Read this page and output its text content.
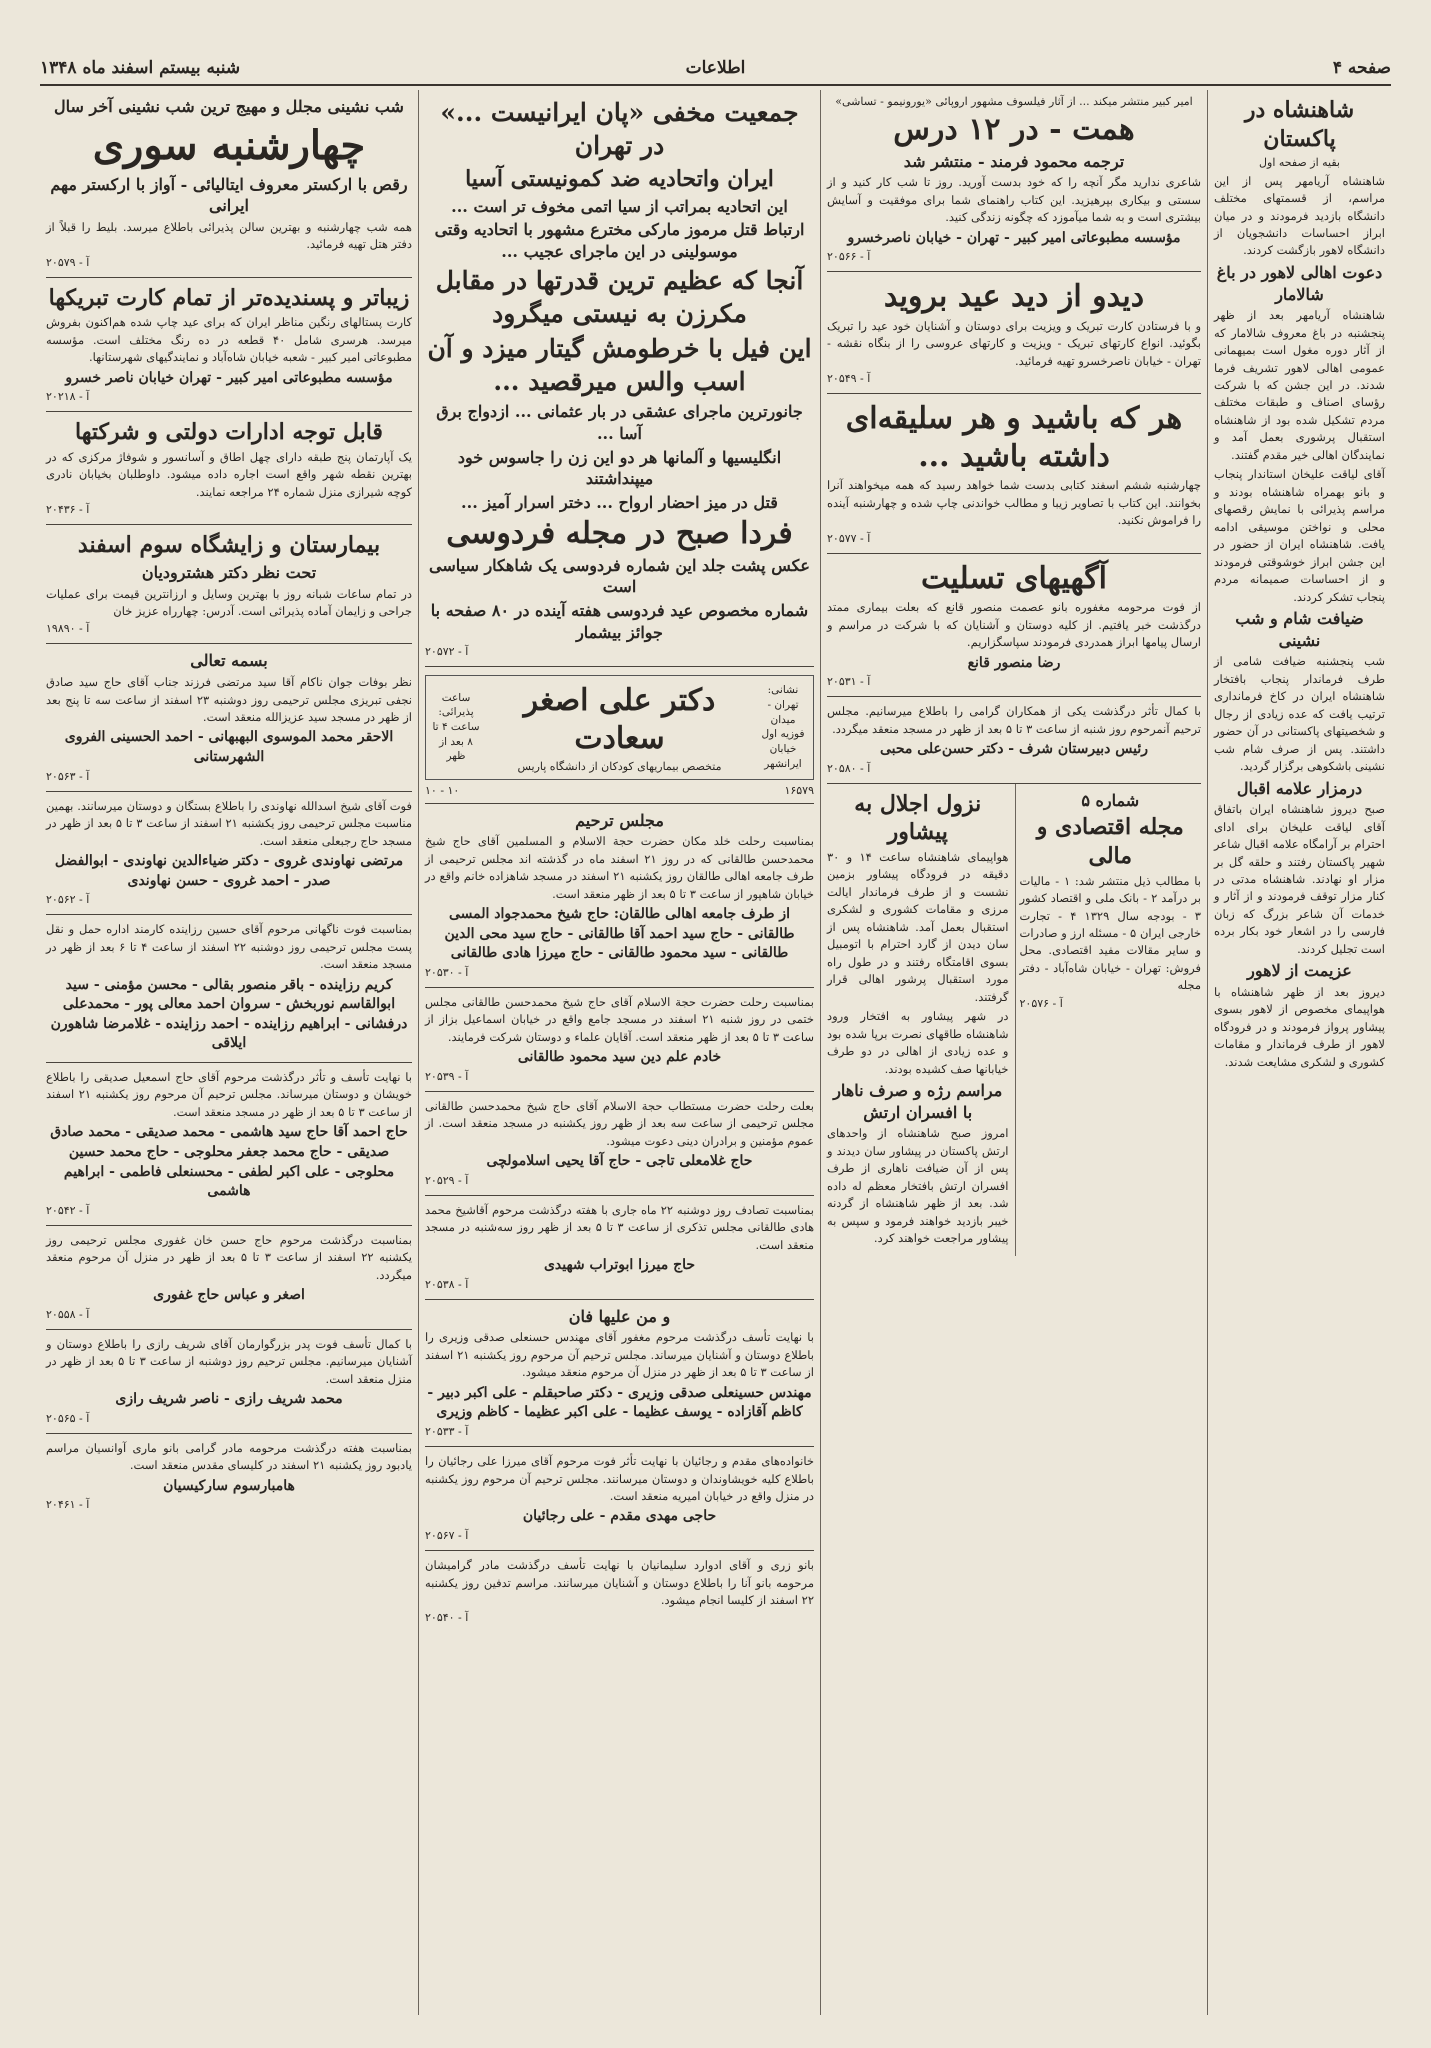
صفحه ۴
اطلاعات
شنبه بیستم اسفند ماه ۱۳۴۸
شاهنشاه در پاکستان
بقیه از صفحه اول
شاهنشاه آریامهر پس از این مراسم، از قسمتهای مختلف دانشگاه بازدید فرمودند و در میان ابراز احساسات دانشجویان از دانشگاه لاهور بازگشت کردند.
دعوت اهالی لاهور در باغ شالامار
شاهنشاه آریامهر بعد از ظهر پنجشنبه در باغ معروف شالامار که از آثار دوره مغول است بمیهمانی عمومی اهالی لاهور تشریف فرما شدند. در این جشن که با شرکت رؤسای اصناف و طبقات مختلف مردم تشکیل شده بود از شاهنشاه استقبال پرشوری بعمل آمد و نمایندگان اهالی خیر مقدم گفتند.
آقای لیاقت علیخان استاندار پنجاب و بانو بهمراه شاهنشاه بودند و مراسم پذیرائی با نمایش رقصهای محلی و نواختن موسیقی ادامه یافت. شاهنشاه ایران از حضور در این جشن ابراز خوشوقتی فرمودند و از احساسات صمیمانه مردم پنجاب تشکر کردند.
ضیافت شام و شب نشینی
شب پنجشنبه ضیافت شامی از طرف فرماندار پنجاب بافتخار شاهنشاه ایران در کاخ فرمانداری ترتیب یافت که عده زیادی از رجال و شخصیتهای پاکستانی در آن حضور داشتند. پس از صرف شام شب نشینی باشکوهی برگزار گردید.
درمزار علامه اقبال
صبح دیروز شاهنشاه ایران باتفاق آقای لیاقت علیخان برای ادای احترام بر آرامگاه علامه اقبال شاعر شهیر پاکستان رفتند و حلقه گل بر مزار او نهادند. شاهنشاه مدتی در کنار مزار توقف فرمودند و از آثار و خدمات آن شاعر بزرگ که زبان فارسی را در اشعار خود بکار برده است تجلیل کردند.
عزیمت از لاهور
دیروز بعد از ظهر شاهنشاه با هواپیمای مخصوص از لاهور بسوی پیشاور پرواز فرمودند و در فرودگاه لاهور از طرف فرماندار و مقامات کشوری و لشکری مشایعت شدند.
امیر کبیر منتشر میکند ... از آثار فیلسوف مشهور اروپائی «یورونیمو - تساشی»
همت - در ۱۲ درس
ترجمه محمود فرمند - منتشر شد
شاعری ندارید مگر آنچه را که خود بدست آورید. روز تا شب کار کنید و از سستی و بیکاری بپرهیزید. این کتاب راهنمای شما برای موفقیت و آسایش بیشتری است و به شما میآموزد که چگونه زندگی کنید.
مؤسسه مطبوعاتی امیر کبیر - تهران - خیابان ناصرخسرو
آ - ۲۰۵۶۶
دیدو از دید عید بروید
و با فرستادن کارت تبریک و ویزیت برای دوستان و آشنایان خود عید را تبریک بگوئید. انواع کارتهای تبریک - ویزیت و کارتهای عروسی را از بنگاه نقشه - تهران - خیابان ناصرخسرو تهیه فرمائید.
آ - ۲۰۵۴۹
هر که باشید و هر سلیقه‌ای داشته باشید ...
چهارشنبه ششم اسفند کتابی بدست شما خواهد رسید که همه میخواهند آنرا بخوانند. این کتاب با تصاویر زیبا و مطالب خواندنی چاپ شده و چهارشنبه آینده را فراموش نکنید.
آ - ۲۰۵۷۷
آگهیهای تسلیت
از فوت مرحومه مغفوره بانو عصمت منصور قانع که بعلت بیماری ممتد درگذشت خبر یافتیم. از کلیه دوستان و آشنایان که با شرکت در مراسم و ارسال پیامها ابراز همدردی فرمودند سپاسگزاریم.
رضا منصور قانع
آ - ۲۰۵۳۱
با کمال تأثر درگذشت یکی از همکاران گرامی را باطلاع میرسانیم. مجلس ترحیم آنمرحوم روز شنبه از ساعت ۳ تا ۵ بعد از ظهر در مسجد منعقد میگردد.
رئیس دبیرستان شرف - دکتر حسن‌علی محبی
آ - ۲۰۵۸۰
شماره ۵
مجله اقتصادی و مالی
با مطالب ذیل منتشر شد: ۱ - مالیات بر درآمد ۲ - بانک ملی و اقتصاد کشور ۳ - بودجه سال ۱۳۲۹ ۴ - تجارت خارجی ایران ۵ - مسئله ارز و صادرات و سایر مقالات مفید اقتصادی. محل فروش: تهران - خیابان شاه‌آباد - دفتر مجله
آ - ۲۰۵۷۶
نزول اجلال به پیشاور
هواپیمای شاهنشاه ساعت ۱۴ و ۳۰ دقیقه در فرودگاه پیشاور بزمین نشست و از طرف فرماندار ایالت مرزی و مقامات کشوری و لشکری استقبال بعمل آمد. شاهنشاه پس از سان دیدن از گارد احترام با اتومبیل بسوی اقامتگاه رفتند و در طول راه مورد استقبال پرشور اهالی قرار گرفتند.
در شهر پیشاور به افتخار ورود شاهنشاه طاقهای نصرت برپا شده بود و عده زیادی از اهالی در دو طرف خیابانها صف کشیده بودند.
مراسم رژه و صرف ناهار با افسران ارتش
امروز صبح شاهنشاه از واحدهای ارتش پاکستان در پیشاور سان دیدند و پس از آن ضیافت ناهاری از طرف افسران ارتش بافتخار معظم له داده شد. بعد از ظهر شاهنشاه از گردنه خیبر بازدید خواهند فرمود و سپس به پیشاور مراجعت خواهند کرد.
جمعیت مخفی «پان ایرانیست ...» در تهران
ایران واتحادیه ضد کمونیستی آسیا
این اتحادیه بمراتب از سیا اتمی مخوف تر است ...
ارتباط قتل مرموز مارکی مخترع مشهور با اتحادیه وقتی موسولینی در این ماجرای عجیب ...
آنجا که عظیم ترین قدرتها در مقابل مکرزن به نیستی میگرود
این فیل با خرطومش گیتار میزد و آن اسب والس میرقصید ...
جانورترین ماجرای عشقی در بار عثمانی ... ازدواج برق آسا ...
انگلیسیها و آلمانها هر دو این زن را جاسوس خود میپنداشتند
قتل در میز احضار ارواح ... دختر اسرار آمیز ...
فردا صبح در مجله فردوسی
عکس پشت جلد این شماره فردوسی یک شاهکار سیاسی است
شماره مخصوص عید فردوسی هفته آینده در ۸۰ صفحه با جوائز بیشمار
آ - ۲۰۵۷۲
نشانی: تهران - میدان فوزیه اول خیابان ایرانشهر
دکتر علی اصغر سعادت
متخصص بیماریهای کودکان از دانشگاه پاریس
ساعت پذیرائی: ساعت ۴ تا ۸ بعد از ظهر
۱۰ - ۱۰	۱۶۵۷۹
مجلس ترحیم
بمناسبت رحلت خلد مکان حضرت حجة الاسلام و المسلمین آقای حاج شیخ محمدحسن طالقانی که در روز ۲۱ اسفند ماه در گذشته اند مجلس ترحیمی از طرف جامعه اهالی طالقان روز یکشنبه ۲۱ اسفند در مسجد شاهزاده خانم واقع در خیابان شاهپور از ساعت ۳ تا ۵ بعد از ظهر منعقد است.
از طرف جامعه اهالی طالقان: حاج شیخ محمدجواد المسی طالقانی - حاج سید احمد آقا طالقانی - حاج سید محی الدین طالقانی - سید محمود طالقانی - حاج میرزا هادی طالقانی
آ - ۲۰۵۳۰
بمناسبت رحلت حضرت حجة الاسلام آقای حاج شیخ محمدحسن طالقانی مجلس ختمی در روز شنبه ۲۱ اسفند در مسجد جامع واقع در خیابان اسماعیل بزاز از ساعت ۳ تا ۵ بعد از ظهر منعقد است. آقایان علماء و دوستان شرکت فرمایند.
خادم علم دین سید محمود طالقانی
آ - ۲۰۵۳۹
بعلت رحلت حضرت مستطاب حجة الاسلام آقای حاج شیخ محمدحسن طالقانی مجلس ترحیمی از ساعت سه بعد از ظهر روز یکشنبه در مسجد منعقد است. از عموم مؤمنین و برادران دینی دعوت میشود.
حاج غلامعلی تاجی - حاج آقا یحیی اسلامولچی
آ - ۲۰۵۲۹
بمناسبت تصادف روز دوشنبه ۲۲ ماه جاری با هفته درگذشت مرحوم آقاشیخ محمد هادی طالقانی مجلس تذکری از ساعت ۳ تا ۵ بعد از ظهر روز سه‌شنبه در مسجد منعقد است.
حاج میرزا ابوتراب شهیدی
آ - ۲۰۵۳۸
و من علیها فان
با نهایت تأسف درگذشت مرحوم مغفور آقای مهندس حسنعلی صدقی وزیری را باطلاع دوستان و آشنایان میرساند. مجلس ترحیم آن مرحوم روز یکشنبه ۲۱ اسفند از ساعت ۳ تا ۵ بعد از ظهر در منزل آن مرحوم منعقد میشود.
مهندس حسینعلی صدقی وزیری - دکتر صاحبقلم - علی اکبر دبیر - کاظم آقازاده - یوسف عظیما - علی اکبر عظیما - کاظم وزیری
آ - ۲۰۵۳۳
خانواده‌های مقدم و رجائیان با نهایت تأثر فوت مرحوم آقای میرزا علی رجائیان را باطلاع کلیه خویشاوندان و دوستان میرسانند. مجلس ترحیم آن مرحوم روز یکشنبه در منزل واقع در خیابان امیریه منعقد است.
حاجی مهدی مقدم - علی رجائیان
آ - ۲۰۵۶۷
بانو زری و آقای ادوارد سلیمانیان با نهایت تأسف درگذشت مادر گرامیشان مرحومه بانو آنا را باطلاع دوستان و آشنایان میرسانند. مراسم تدفین روز یکشنبه ۲۲ اسفند از کلیسا انجام میشود.
آ - ۲۰۵۴۰
شب نشینی مجلل و مهیج ترین شب نشینی آخر سال
چهارشنبه سوری
رقص با ارکستر معروف ایتالیائی - آواز با ارکستر مهم ایرانی
همه شب چهارشنبه و بهترین سالن پذیرائی باطلاع میرسد. بلیط را قبلاً از دفتر هتل تهیه فرمائید.
آ - ۲۰۵۷۹
زیباتر و پسندیده‌تر از تمام کارت تبریکها
کارت پستالهای رنگین مناظر ایران که برای عید چاپ شده هم‌اکنون بفروش میرسد. هرسری شامل ۴۰ قطعه در ده رنگ مختلف است. مؤسسه مطبوعاتی امیر کبیر - شعبه خیابان شاه‌آباد و نمایندگیهای شهرستانها.
مؤسسه مطبوعاتی امیر کبیر - تهران خیابان ناصر خسرو
آ - ۲۰۲۱۸
قابل توجه ادارات دولتی و شرکتها
یک آپارتمان پنج طبقه دارای چهل اطاق و آسانسور و شوفاژ مرکزی که در بهترین نقطه شهر واقع است اجاره داده میشود. داوطلبان بخیابان نادری کوچه شیرازی منزل شماره ۲۴ مراجعه نمایند.
آ - ۲۰۴۳۶
بیمارستان و زایشگاه سوم اسفند
تحت نظر دکتر هشترودیان
در تمام ساعات شبانه روز با بهترین وسایل و ارزانترین قیمت برای عملیات جراحی و زایمان آماده پذیرائی است. آدرس: چهارراه عزیز خان
آ - ۱۹۸۹۰
بسمه تعالی
نظر بوفات جوان ناکام آقا سید مرتضی فرزند جناب آقای حاج سید صادق نجفی تبریزی مجلس ترحیمی روز دوشنبه ۲۳ اسفند از ساعت سه تا پنج بعد از ظهر در مسجد سید عزیزالله منعقد است.
الاحقر محمد الموسوی البهبهانی - احمد الحسینی الفروی الشهرستانی
آ - ۲۰۵۶۳
فوت آقای شیخ اسدالله نهاوندی را باطلاع بستگان و دوستان میرسانند. بهمین مناسبت مجلس ترحیمی روز یکشنبه ۲۱ اسفند از ساعت ۳ تا ۵ بعد از ظهر در مسجد حاج رجبعلی منعقد است.
مرتضی نهاوندی غروی - دکتر ضیاءالدین نهاوندی - ابوالفضل صدر - احمد غروی - حسن نهاوندی
آ - ۲۰۵۶۲
بمناسبت فوت ناگهانی مرحوم آقای حسین رزاینده کارمند اداره حمل و نقل پست مجلس ترحیمی روز دوشنبه ۲۲ اسفند از ساعت ۴ تا ۶ بعد از ظهر در مسجد منعقد است.
کریم رزاینده - باقر منصور بقالی - محسن مؤمنی - سید ابوالقاسم نوربخش - سروان احمد معالی پور - محمدعلی درفشانی - ابراهیم رزاینده - احمد رزاینده - غلامرضا شاهورن ایلاقی
با نهایت تأسف و تأثر درگذشت مرحوم آقای حاج اسمعیل صدیقی را باطلاع خویشان و دوستان میرساند. مجلس ترحیم آن مرحوم روز یکشنبه ۲۱ اسفند از ساعت ۳ تا ۵ بعد از ظهر در مسجد منعقد است.
حاج احمد آقا حاج سید هاشمی - محمد صدیقی - محمد صادق صدیقی - حاج محمد جعفر محلوجی - حاج محمد حسین محلوجی - علی اکبر لطفی - محسنعلی فاطمی - ابراهیم هاشمی
آ - ۲۰۵۴۲
بمناسبت درگذشت مرحوم حاج حسن خان غفوری مجلس ترحیمی روز یکشنبه ۲۲ اسفند از ساعت ۳ تا ۵ بعد از ظهر در منزل آن مرحوم منعقد میگردد.
اصغر و عباس حاج غفوری
آ - ۲۰۵۵۸
با کمال تأسف فوت پدر بزرگوارمان آقای شریف رازی را باطلاع دوستان و آشنایان میرسانیم. مجلس ترحیم روز دوشنبه از ساعت ۳ تا ۵ بعد از ظهر در منزل منعقد است.
محمد شریف رازی - ناصر شریف رازی
آ - ۲۰۵۶۵
بمناسبت هفته درگذشت مرحومه مادر گرامی بانو ماری آوانسیان مراسم یادبود روز یکشنبه ۲۱ اسفند در کلیسای مقدس منعقد است.
هامبارسوم سارکیسیان
آ - ۲۰۴۶۱
